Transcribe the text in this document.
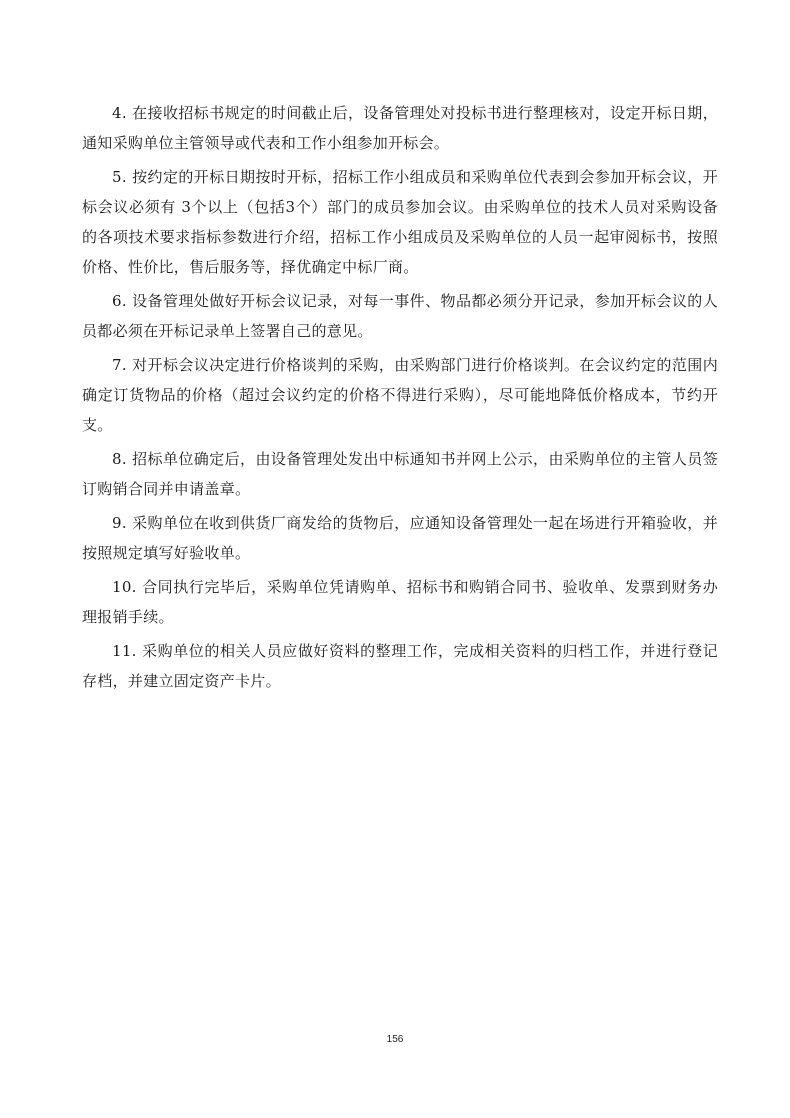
4. 在接收招标书规定的时间截止后，设备管理处对投标书进行整理核对，设定开标日期，通知采购单位主管领导或代表和工作小组参加开标会。

5. 按约定的开标日期按时开标，招标工作小组成员和采购单位代表到会参加开标会议，开标会议必须有 3个以上（包括3个）部门的成员参加会议。由采购单位的技术人员对采购设备的各项技术要求指标参数进行介绍，招标工作小组成员及采购单位的人员一起审阅标书，按照价格、性价比，售后服务等，择优确定中标厂商。

6. 设备管理处做好开标会议记录，对每一事件、物品都必须分开记录，参加开标会议的人员都必须在开标记录单上签署自己的意见。

7. 对开标会议决定进行价格谈判的采购，由采购部门进行价格谈判。在会议约定的范围内确定订货物品的价格（超过会议约定的价格不得进行采购），尽可能地降低价格成本，节约开支。

8. 招标单位确定后，由设备管理处发出中标通知书并网上公示，由采购单位的主管人员签订购销合同并申请盖章。

9. 采购单位在收到供货厂商发给的货物后，应通知设备管理处一起在场进行开箱验收，并按照规定填写好验收单。

10. 合同执行完毕后，采购单位凭请购单、招标书和购销合同书、验收单、发票到财务办理报销手续。

11. 采购单位的相关人员应做好资料的整理工作，完成相关资料的归档工作，并进行登记存档，并建立固定资产卡片。

156
